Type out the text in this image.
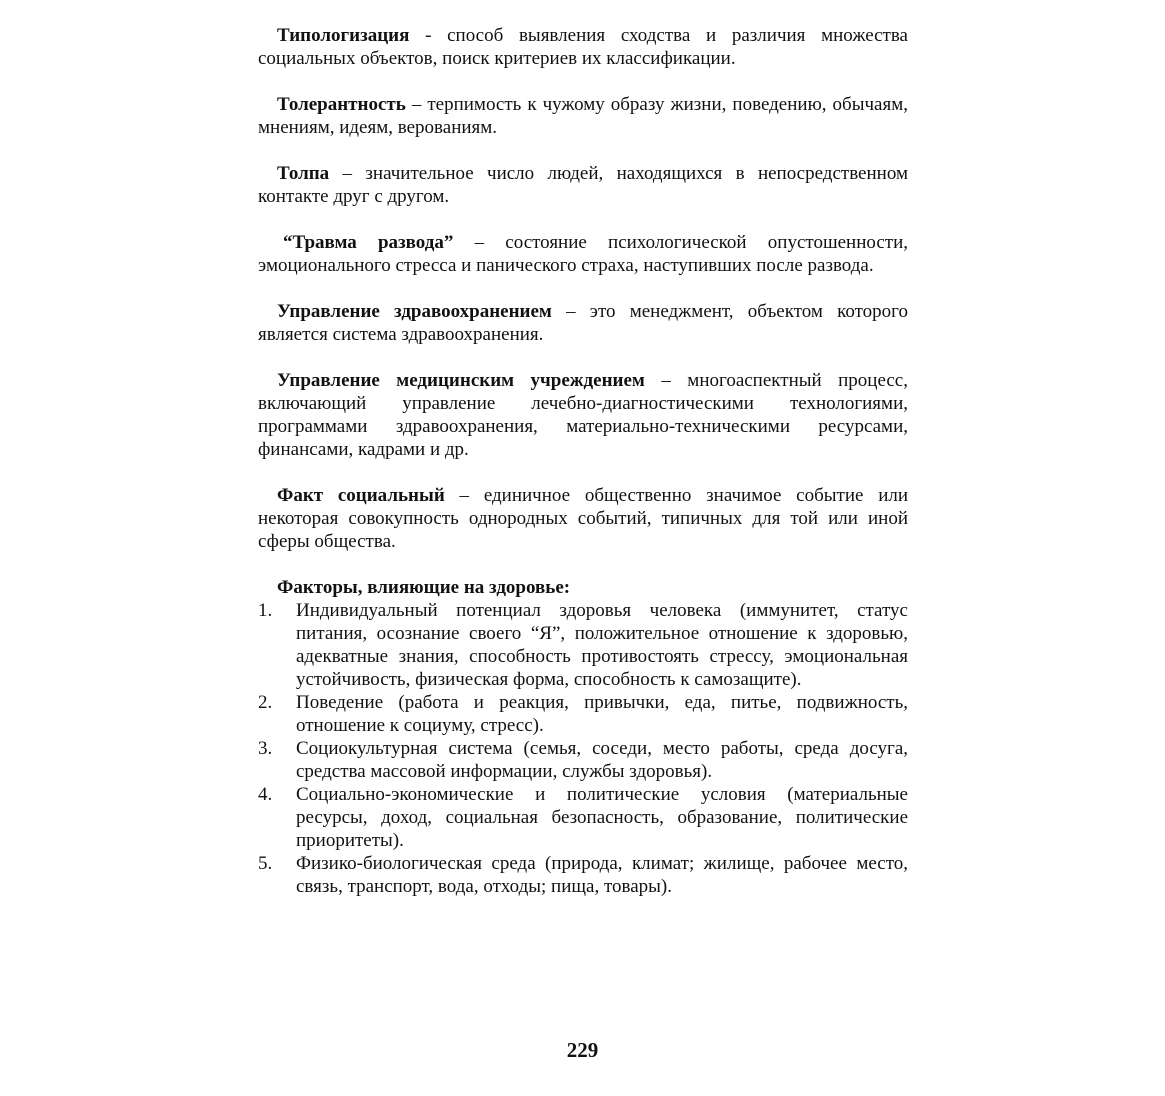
Типологизация - способ выявления сходства и различия множества социальных объектов, поиск критериев их классификации.

Толерантность – терпимость к чужому образу жизни, поведению, обычаям, мнениям, идеям, верованиям.

Толпа – значительное число людей, находящихся в непосредственном контакте друг с другом.

“Травма развода” – состояние психологической опустошенности, эмоционального стресса и панического страха, наступивших после развода.

Управление здравоохранением – это менеджмент, объектом которого является система здравоохранения.

Управление медицинским учреждением – многоаспектный процесс, включающий управление лечебно-диагностическими технологиями, программами здравоохранения, материально-техническими ресурсами, финансами, кадрами и др.

Факт социальный – единичное общественно значимое событие или некоторая совокупность однородных событий, типичных для той или иной сферы общества.

Факторы, влияющие на здоровье:
1. Индивидуальный потенциал здоровья человека (иммунитет, статус питания, осознание своего “Я”, положительное отношение к здоровью, адекватные знания, способность противостоять стрессу, эмоциональная устойчивость, физическая форма, способность к самозащите).
2. Поведение (работа и реакция, привычки, еда, питье, подвижность, отношение к социуму, стресс).
3. Социокультурная система (семья, соседи, место работы, среда досуга, средства массовой информации, службы здоровья).
4. Социально-экономические и политические условия (материальные ресурсы, доход, социальная безопасность, образование, политические приоритеты).
5. Физико-биологическая среда (природа, климат; жилище, рабочее место, связь, транспорт, вода, отходы; пища, товары).
229
